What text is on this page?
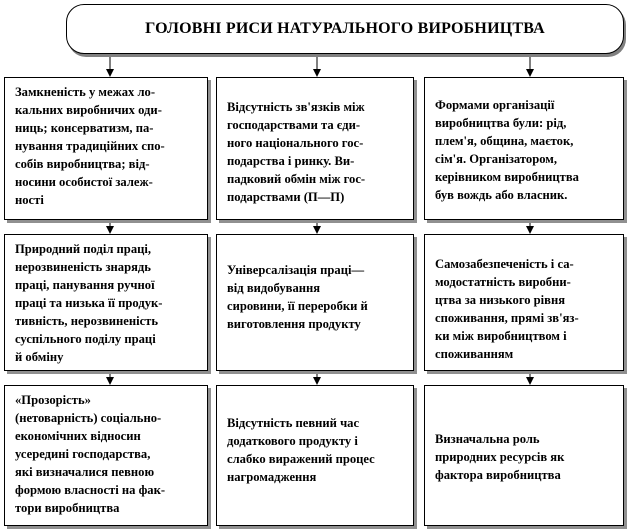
ГОЛОВНІ РИСИ НАТУРАЛЬНОГО ВИРОБНИЦТВА
Замкненість у межах ло-
кальних виробничих оди-
ниць; консерватизм, па-
нування традиційних спо-
собів виробництва; від-
носини особистої залеж-
ності
Природний поділ праці,
нерозвиненість знарядь
праці, панування ручної
праці та низька її продук-
тивність, нерозвиненість
суспільного поділу праці
й обміну
«Прозорість»
(нетоварність) соціально-
економічних відносин
усередині господарства,
які визначалися певною
формою власності на фак-
тори виробництва
Відсутність зв'язків між
господарствами та єди-
ного національного гос-
подарства і ринку. Ви-
падковий обмін між гос-
подарствами (П—П)
Універсалізація праці—
від видобування
сировини, її переробки й
виготовлення продукту
Відсутність певний час
додаткового продукту і
слабко виражений процес
нагромадження
Формами організації
виробництва були: рід,
плем'я, община, маєток,
сім'я. Організатором,
керівником виробництва
був вождь або власник.
Самозабезпеченість і са-
модостатність виробни-
цтва за низького рівня
споживання, прямі зв'яз-
ки між виробництвом і
споживанням
Визначальна роль
природних ресурсів як
фактора виробництва
